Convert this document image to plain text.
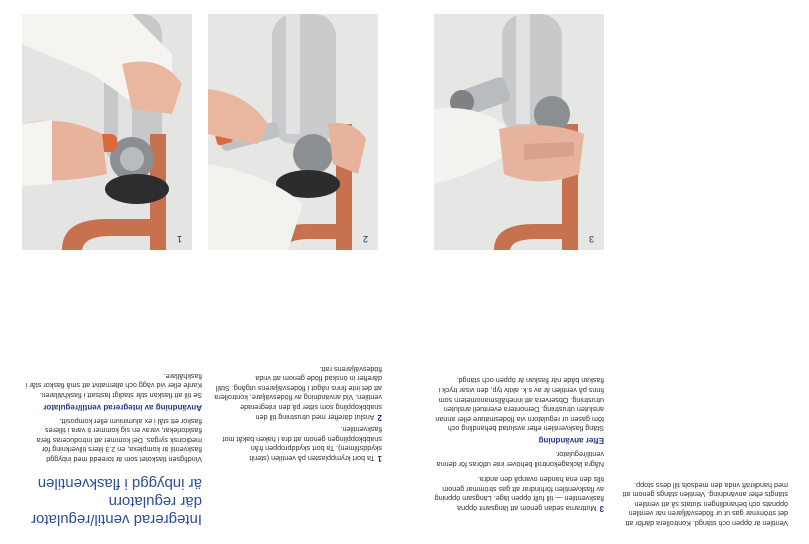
1	2	3
Integrerad ventil/regulator där regulatorn
är inbyggd i flaskventilen

Vindfigsen tlaskotet som är toreedd med inbyggd flaskventil är komplexa, en 2.3 liters tillverkning för medicinsk syrgas. Del kommer att introduceras flera flasktorlekar, varav en sig kommer ti vara i tilleres flaskor ett stål i ex aluminium eller kompositt.

Användning av integrerad ventil/regulator

Se till att flaskan står stadigt fastsatt i flaskhällaren. Kanfe eller vid vägg och alternativt att små flaskor står i flaskhållare.

1Ta bort krympplasten på ventilen (sterilt skyddsfilmen). Ta bort skyddproppen från snabbkopplingen genom att dra i haken bakåt mot flaskventilen.
2Anslut därefter med utrustning till den snabbkoppling som sitter på den integrerade ventilen. Vid användning av flödesväljare, kontrollera att det inte finns något i flödesväljarens utgång. Ställ därefter in önskad flöde genom att vrida flödesväljarens ratt.
3Muttrarna sedan genom att längsamt öppna flaskventilen — till fullt öppen läge. Längsam öppning av flaskventilen förhindrar att gas strömmar genom tills den ena handen ovanpå den andra.

Några läckagekontroll behöver inte utföras för denna ventil/regulator.

Efter användning

Stäng flaskventilen efter avslutad behandling och töm gasen ur regulatorn via flödesmätare eller annan ansluten utrustning. Demontera eventuell ansluten utrustning. Observera att innehållsmanometern som finns på ventilen är av s.k. aktiv typ, den visar tryck i flaskan både när flaskan är öppen och stängd.

Ventilen är öppen och stängd. Kontrollera därför att det strömmar gas ut ur flödesvälljaren när ventilen öppnats och behandlingen slutats så att ventilen stängts efter användning. Ventilen stängs genom att med handkraft vrida den medsols till dess stopp.
